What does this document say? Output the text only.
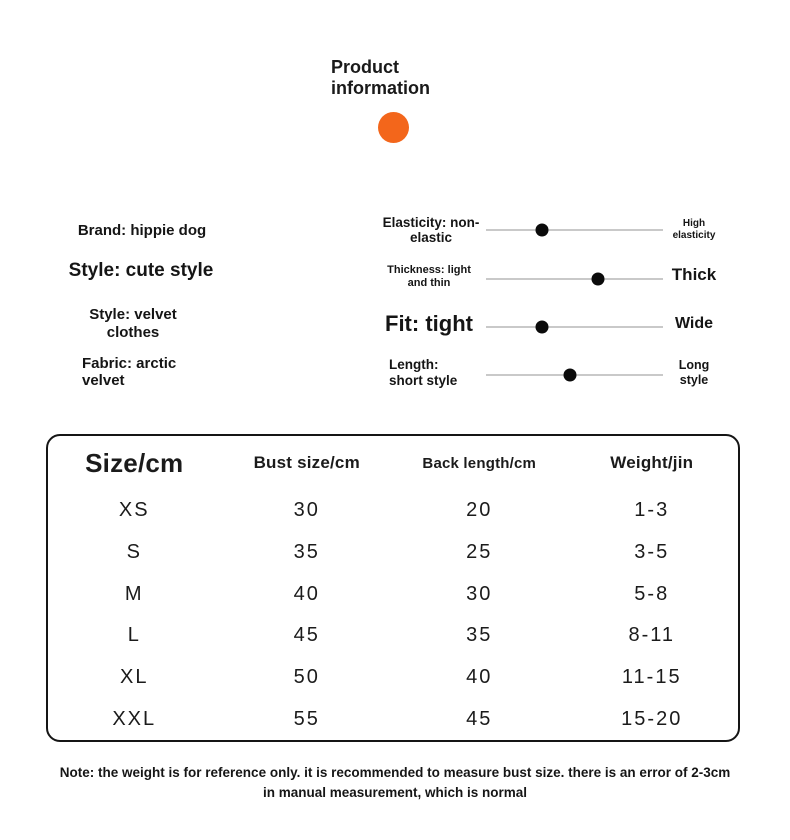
Product information
Brand: hippie dog
Style: cute style
Style: velvet clothes
Fabric: arctic velvet
Elasticity: non-elastic
High elasticity
Thickness: light and thin	Thick
Fit: tight	Wide
Length: short style
Long style
Size/cm	Bust size/cm	Back length/cm	Weight/jin
XS	30	20	1-3
S	35	25	3-5
M	40	30	5-8
L	45	35	8-11
XL	50	40	11-15
XXL	55	45	15-20
Note: the weight is for reference only. it is recommended to measure bust size. there is an error of 2-3cm in manual measurement, which is normal
